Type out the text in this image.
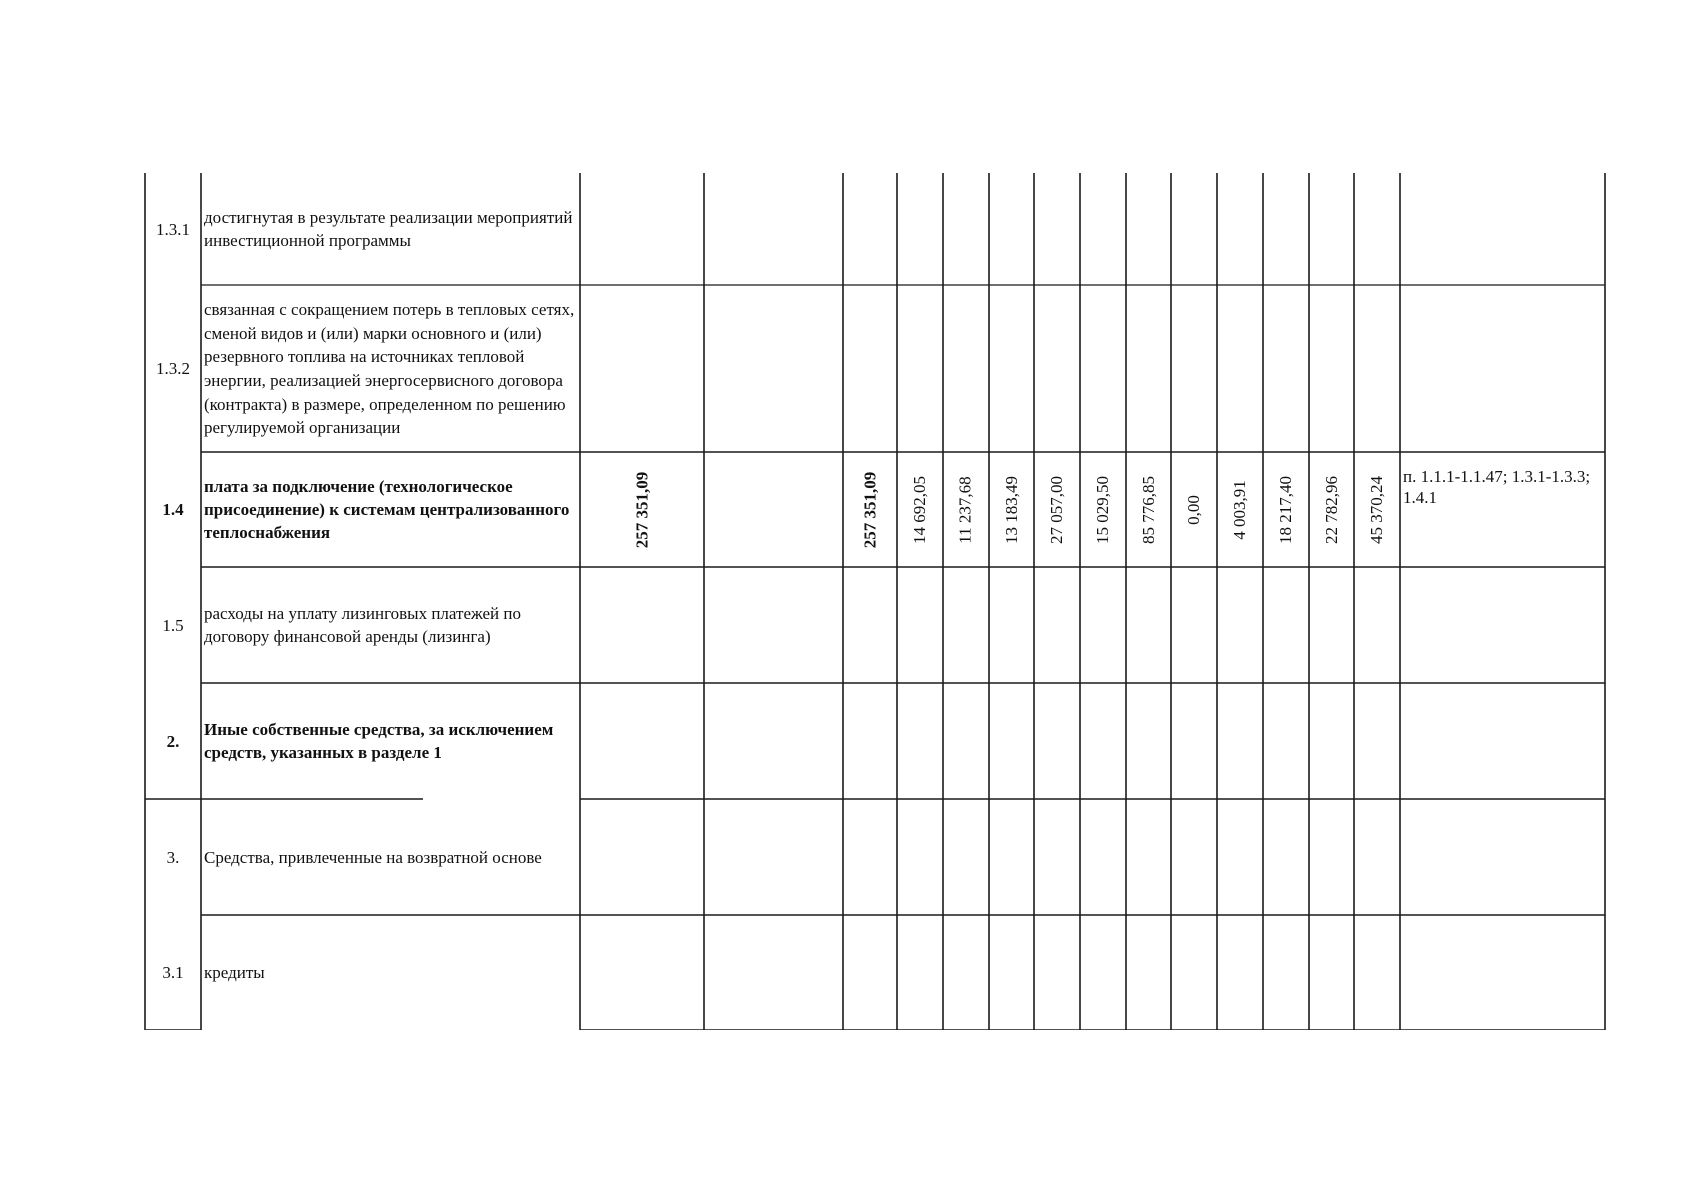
1.3.1
достигнутая в результате реализации мероприятий инвестиционной программы
1.3.2
связанная с сокращением потерь в тепловых сетях, сменой видов и (или) марки основного и (или) резервного топлива на источниках тепловой энергии, реализацией энергосервисного договора (контракта) в размере, определенном по решению регулируемой организации
1.4
плата за подключение (технологическое присоединение) к системам централизованного теплоснабжения	257 351,09	257 351,09 14 692,05 11 237,68 13 183,49 27 057,00 15 029,50 85 776,85 0,00 4 003,91 18 217,40 22 782,96 45 370,24 п. 1.1.1-1.1.47; 1.3.1-1.3.3; 1.4.1
1.5
расходы на уплату лизинговых платежей по договору финансовой аренды (лизинга)
2.
Иные собственные средства, за исключением средств, указанных в разделе 1
3. Средства, привлеченные на возвратной основе
3.1 кредиты
